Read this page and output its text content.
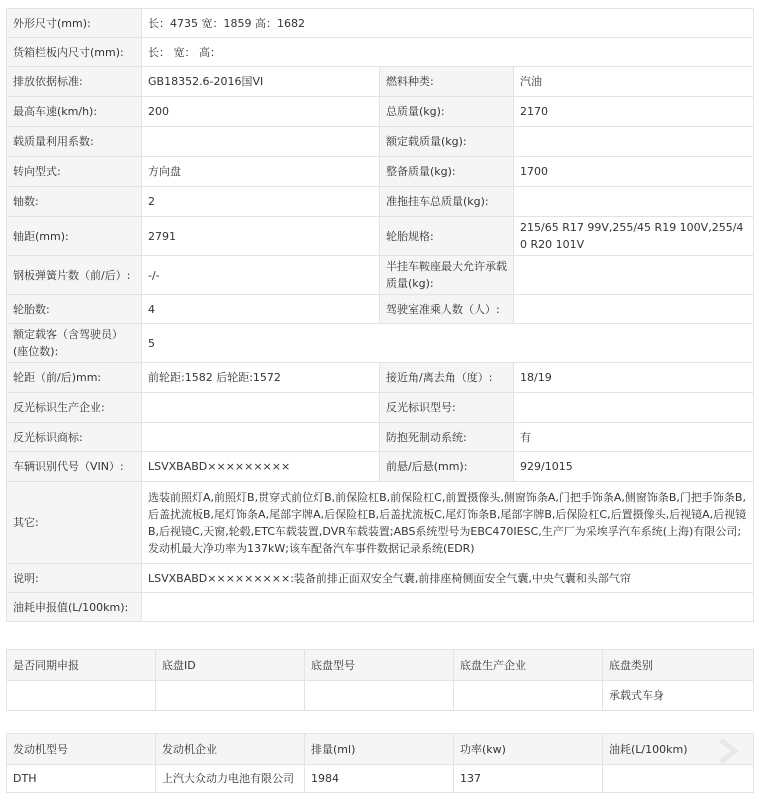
外形尺寸(mm):	长：4735 宽：1859 高：1682		
货箱栏板内尺寸(mm):	长： 宽： 高：		
排放依据标准:	GB18352.6-2016国VI	燃料种类:	汽油
最高车速(km/h):	200	总质量(kg):	2170
载质量利用系数:		额定载质量(kg):	
转向型式:	方向盘	整备质量(kg):	1700
轴数:	2	准拖挂车总质量(kg):	
轴距(mm):	2791	轮胎规格:	215/65 R17 99V,255/45 R19 100V,255/40 R20 101V
钢板弹簧片数（前/后）:	-/-	半挂车鞍座最大允许承载质量(kg):	
轮胎数:	4	驾驶室准乘人数（人）:	
额定载客（含驾驶员）(座位数):	5		
轮距（前/后)mm:	前轮距:1582 后轮距:1572	接近角/离去角（度）:	18/19
反光标识生产企业:		反光标识型号:	
反光标识商标:		防抱死制动系统:	有
车辆识别代号（VIN）:	LSVXBABD×××××××××	前悬/后悬(mm):	929/1015
其它:	选装前照灯A,前照灯B,贯穿式前位灯B,前保险杠B,前保险杠C,前置摄像头,侧窗饰条A,门把手饰条A,侧窗饰条B,门把手饰条B,后盖扰流板B,尾灯饰条A,尾部字牌A,后保险杠B,后盖扰流板C,尾灯饰条B,尾部字牌B,后保险杠C,后置摄像头,后视镜A,后视镜B,后视镜C,天窗,轮毂,ETC车载装置,DVR车载装置;ABS系统型号为EBC470IESC,生产厂为采埃孚汽车系统(上海)有限公司;发动机最大净功率为137kW;该车配备汽车事件数据记录系统(EDR)		
说明:	LSVXBABD×××××××××:装备前排正面双安全气囊,前排座椅侧面安全气囊,中央气囊和头部气帘		
油耗申报值(L/100km):			
是否同期申报	底盘ID	底盘型号	底盘生产企业	底盘类别
				承载式车身
发动机型号	发动机企业	排量(ml)	功率(kw)	油耗(L/100km)
DTH	上汽大众动力电池有限公司	1984	137	
